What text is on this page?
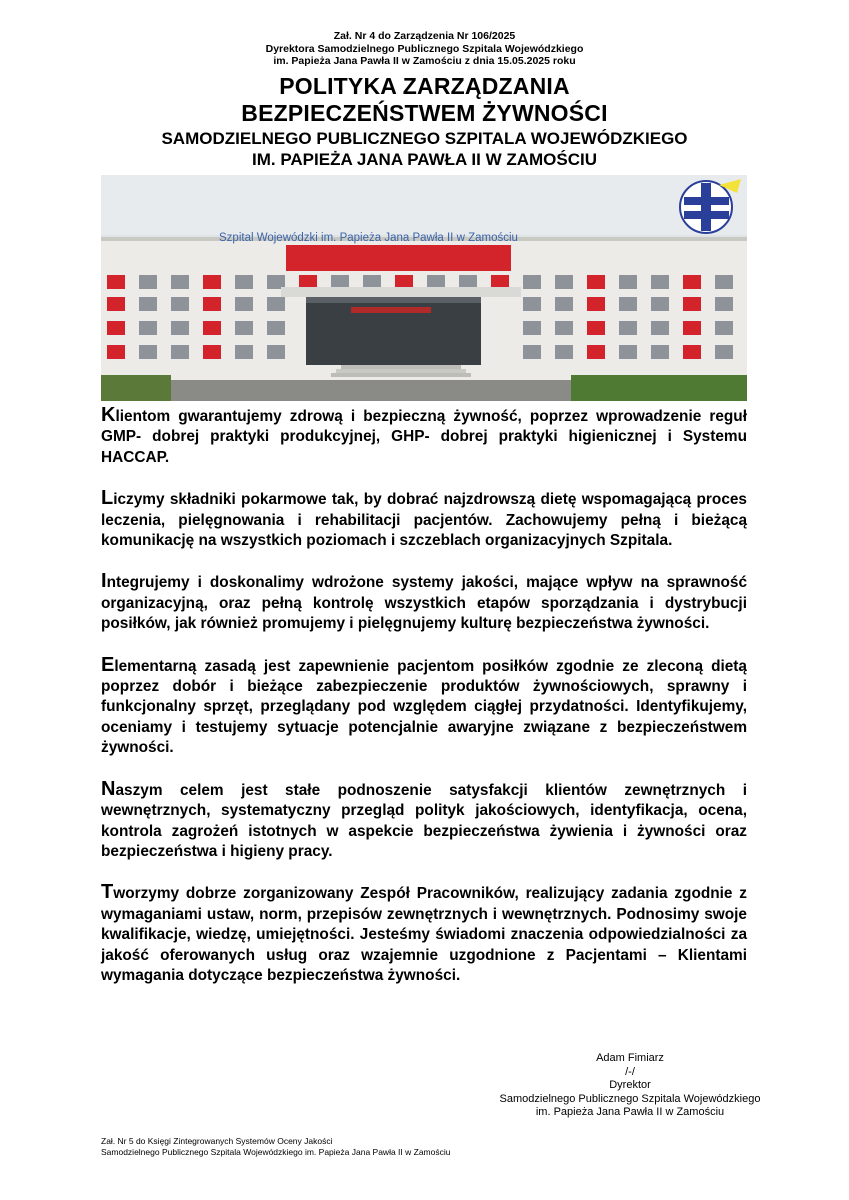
Zał. Nr 4 do Zarządzenia Nr 106/2025
Dyrektora Samodzielnego Publicznego Szpitala Wojewódzkiego
im. Papieża Jana Pawła II w Zamościu z dnia 15.05.2025 roku
POLITYKA ZARZĄDZANIA
BEZPIECZEŃSTWEM ŻYWNOŚCI
SAMODZIELNEGO PUBLICZNEGO SZPITALA WOJEWÓDZKIEGO
IM. PAPIEŻA JANA PAWŁA II W ZAMOŚCIU
Szpital Wojewódzki im. Papieża Jana Pawła II w Zamościu

Klientom gwarantujemy zdrową i bezpieczną żywność, poprzez wprowadzenie reguł GMP- dobrej praktyki produkcyjnej, GHP- dobrej praktyki higienicznej i Systemu HACCAP.

Liczymy składniki pokarmowe tak, by dobrać najzdrowszą dietę wspomagającą proces leczenia, pielęgnowania i rehabilitacji pacjentów. Zachowujemy pełną i bieżącą komunikację na wszystkich poziomach i szczeblach organizacyjnych Szpitala.

Integrujemy i doskonalimy wdrożone systemy jakości, mające wpływ na sprawność organizacyjną, oraz pełną kontrolę wszystkich etapów sporządzania i dystrybucji posiłków, jak również promujemy i pielęgnujemy kulturę bezpieczeństwa żywności.

Elementarną zasadą jest zapewnienie pacjentom posiłków zgodnie ze zleconą dietą poprzez dobór i bieżące zabezpieczenie produktów żywnościowych, sprawny i funkcjonalny sprzęt, przeglądany pod względem ciągłej przydatności. Identyfikujemy, oceniamy i testujemy sytuacje potencjalnie awaryjne związane z bezpieczeństwem żywności.

Naszym celem jest stałe podnoszenie satysfakcji klientów zewnętrznych i wewnętrznych, systematyczny przegląd polityk jakościowych, identyfikacja, ocena, kontrola zagrożeń istotnych w aspekcie bezpieczeństwa żywienia i żywności oraz bezpieczeństwa i higieny pracy.

Tworzymy dobrze zorganizowany Zespół Pracowników, realizujący zadania zgodnie z wymaganiami ustaw, norm, przepisów zewnętrznych i wewnętrznych. Podnosimy swoje kwalifikacje, wiedzę, umiejętności. Jesteśmy świadomi znaczenia odpowiedzialności za jakość oferowanych usług oraz wzajemnie uzgodnione z Pacjentami – Klientami wymagania dotyczące bezpieczeństwa żywności.

Adam Fimiarz
/-/
Dyrektor
Samodzielnego Publicznego Szpitala Wojewódzkiego
im. Papieża Jana Pawła II w Zamościu
Zał. Nr 5 do Księgi Zintegrowanych Systemów Oceny Jakości
Samodzielnego Publicznego Szpitala Wojewódzkiego im. Papieża Jana Pawła II w Zamościu
